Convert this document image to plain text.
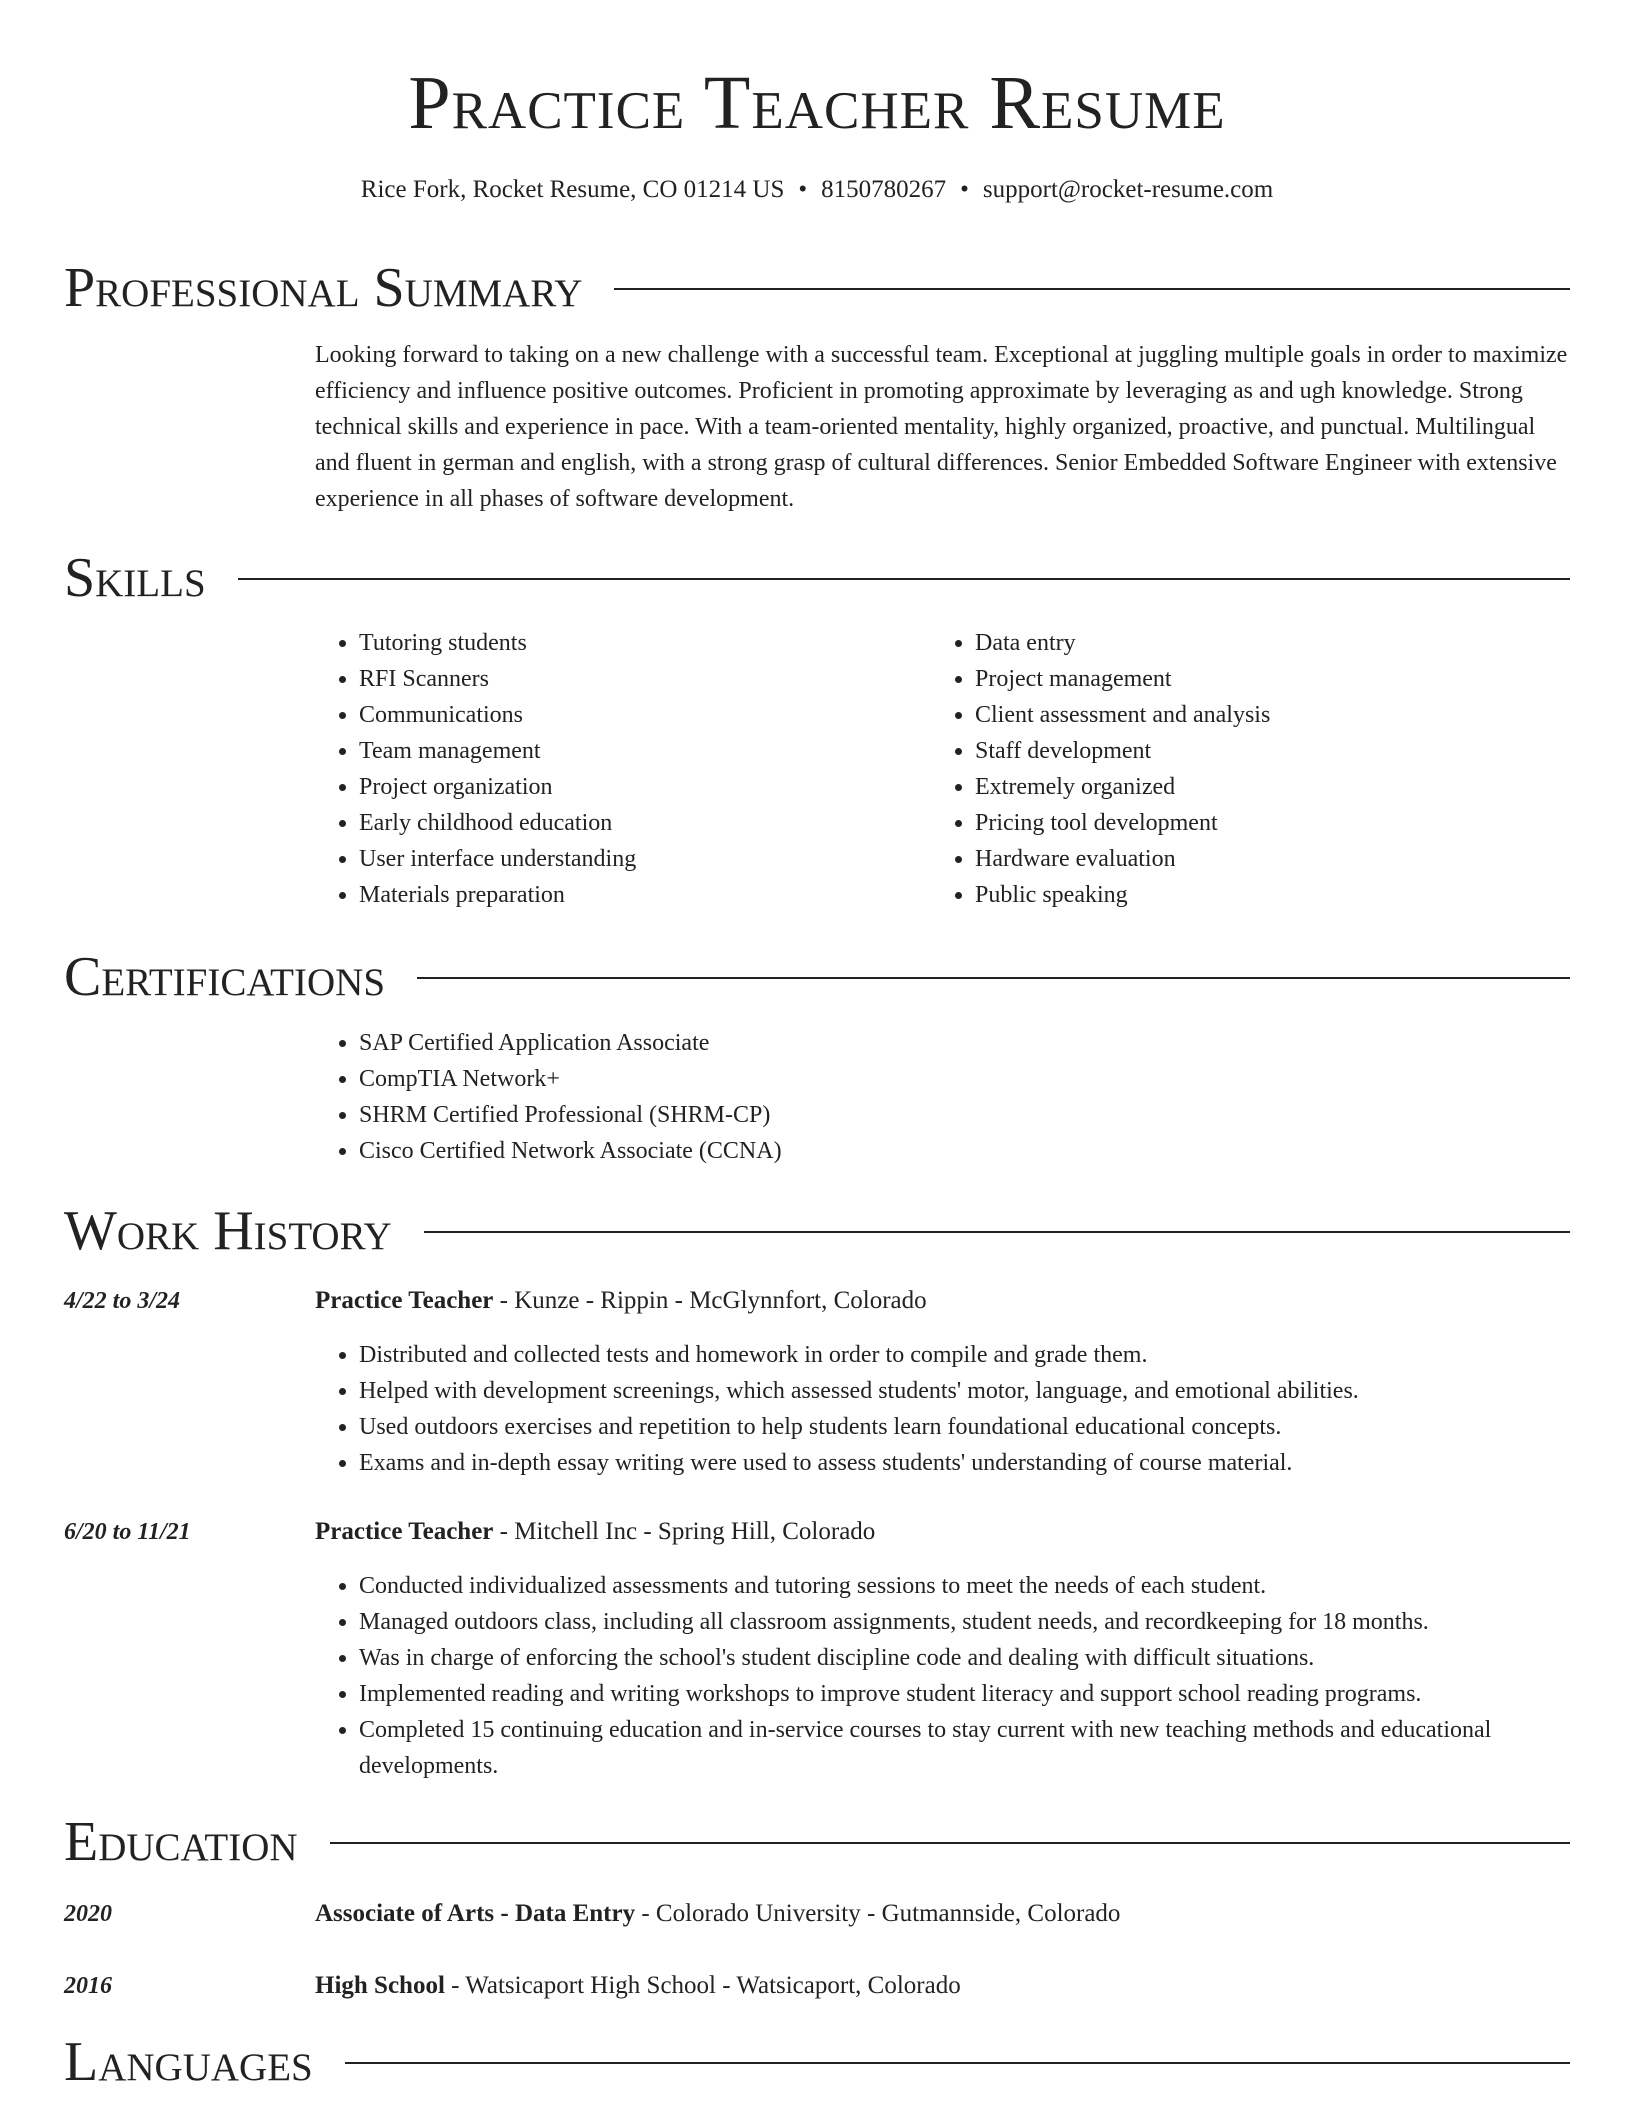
Practice Teacher Resume
Rice Fork, Rocket Resume, CO 01214 US • 8150780267 • support@rocket-resume.com
Professional Summary

Looking forward to taking on a new challenge with a successful team. Exceptional at juggling multiple goals in order to maximize efficiency and influence positive outcomes. Proficient in promoting approximate by leveraging as and ugh knowledge. Strong technical skills and experience in pace. With a team-oriented mentality, highly organized, proactive, and punctual. Multilingual and fluent in german and english, with a strong grasp of cultural differences. Senior Embedded Software Engineer with extensive experience in all phases of software development.

Skills
• Tutoring students
• RFI Scanners
• Communications
• Team management
• Project organization
• Early childhood education
• User interface understanding
• Materials preparation
• Data entry
• Project management
• Client assessment and analysis
• Staff development
• Extremely organized
• Pricing tool development
• Hardware evaluation
• Public speaking
Certifications
• SAP Certified Application Associate
• CompTIA Network+
• SHRM Certified Professional (SHRM-CP)
• Cisco Certified Network Associate (CCNA)
Work History
4/22 to 3/24	Practice Teacher - Kunze - Rippin - McGlynnfort, Colorado
• Distributed and collected tests and homework in order to compile and grade them.
• Helped with development screenings, which assessed students' motor, language, and emotional abilities.
• Used outdoors exercises and repetition to help students learn foundational educational concepts.
• Exams and in-depth essay writing were used to assess students' understanding of course material.
6/20 to 11/21	Practice Teacher - Mitchell Inc - Spring Hill, Colorado
• Conducted individualized assessments and tutoring sessions to meet the needs of each student.
• Managed outdoors class, including all classroom assignments, student needs, and recordkeeping for 18 months.
• Was in charge of enforcing the school's student discipline code and dealing with difficult situations.
• Implemented reading and writing workshops to improve student literacy and support school reading programs.
• Completed 15 continuing education and in-service courses to stay current with new teaching methods and educational developments.
Education
2020	Associate of Arts - Data Entry - Colorado University - Gutmannside, Colorado
2016	High School - Watsicaport High School - Watsicaport, Colorado
Languages
